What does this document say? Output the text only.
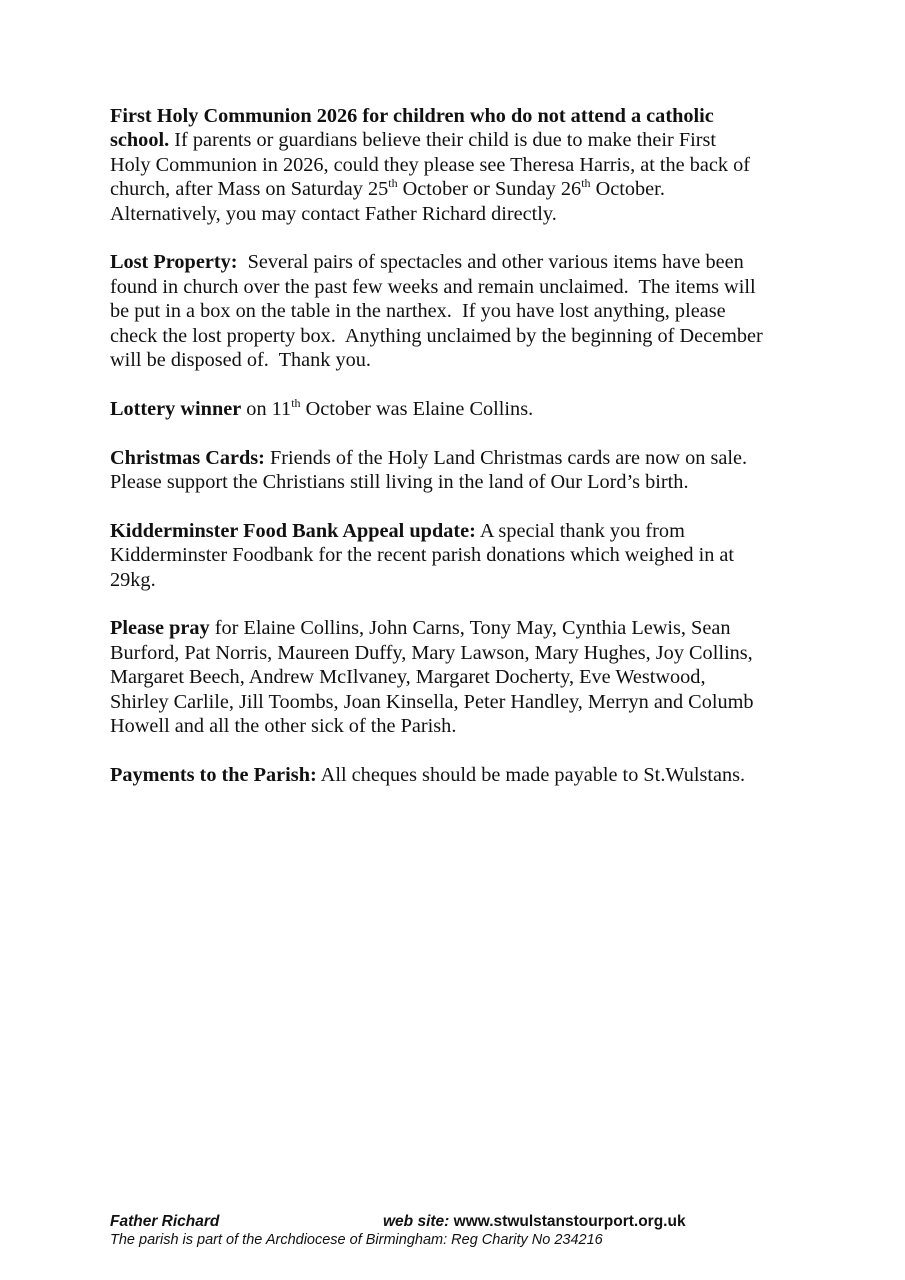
First Holy Communion 2026 for children who do not attend a catholic
school. If parents or guardians believe their child is due to make their First
Holy Communion in 2026, could they please see Theresa Harris, at the back of
church, after Mass on Saturday 25th October or Sunday 26th October.
Alternatively, you may contact Father Richard directly.

Lost Property:  Several pairs of spectacles and other various items have been
found in church over the past few weeks and remain unclaimed.  The items will
be put in a box on the table in the narthex.  If you have lost anything, please
check the lost property box.  Anything unclaimed by the beginning of December
will be disposed of.  Thank you.

Lottery winner on 11th October was Elaine Collins.

Christmas Cards: Friends of the Holy Land Christmas cards are now on sale.
Please support the Christians still living in the land of Our Lord’s birth.

Kidderminster Food Bank Appeal update: A special thank you from
Kidderminster Foodbank for the recent parish donations which weighed in at
29kg.

Please pray for Elaine Collins, John Carns, Tony May, Cynthia Lewis, Sean
Burford, Pat Norris, Maureen Duffy, Mary Lawson, Mary Hughes, Joy Collins,
Margaret Beech, Andrew McIlvaney, Margaret Docherty, Eve Westwood,
Shirley Carlile, Jill Toombs, Joan Kinsella, Peter Handley, Merryn and Columb
Howell and all the other sick of the Parish.

Payments to the Parish: All cheques should be made payable to St.Wulstans.

Father Richard	web site: www.stwulstanstourport.org.uk
The parish is part of the Archdiocese of Birmingham: Reg Charity No 234216
